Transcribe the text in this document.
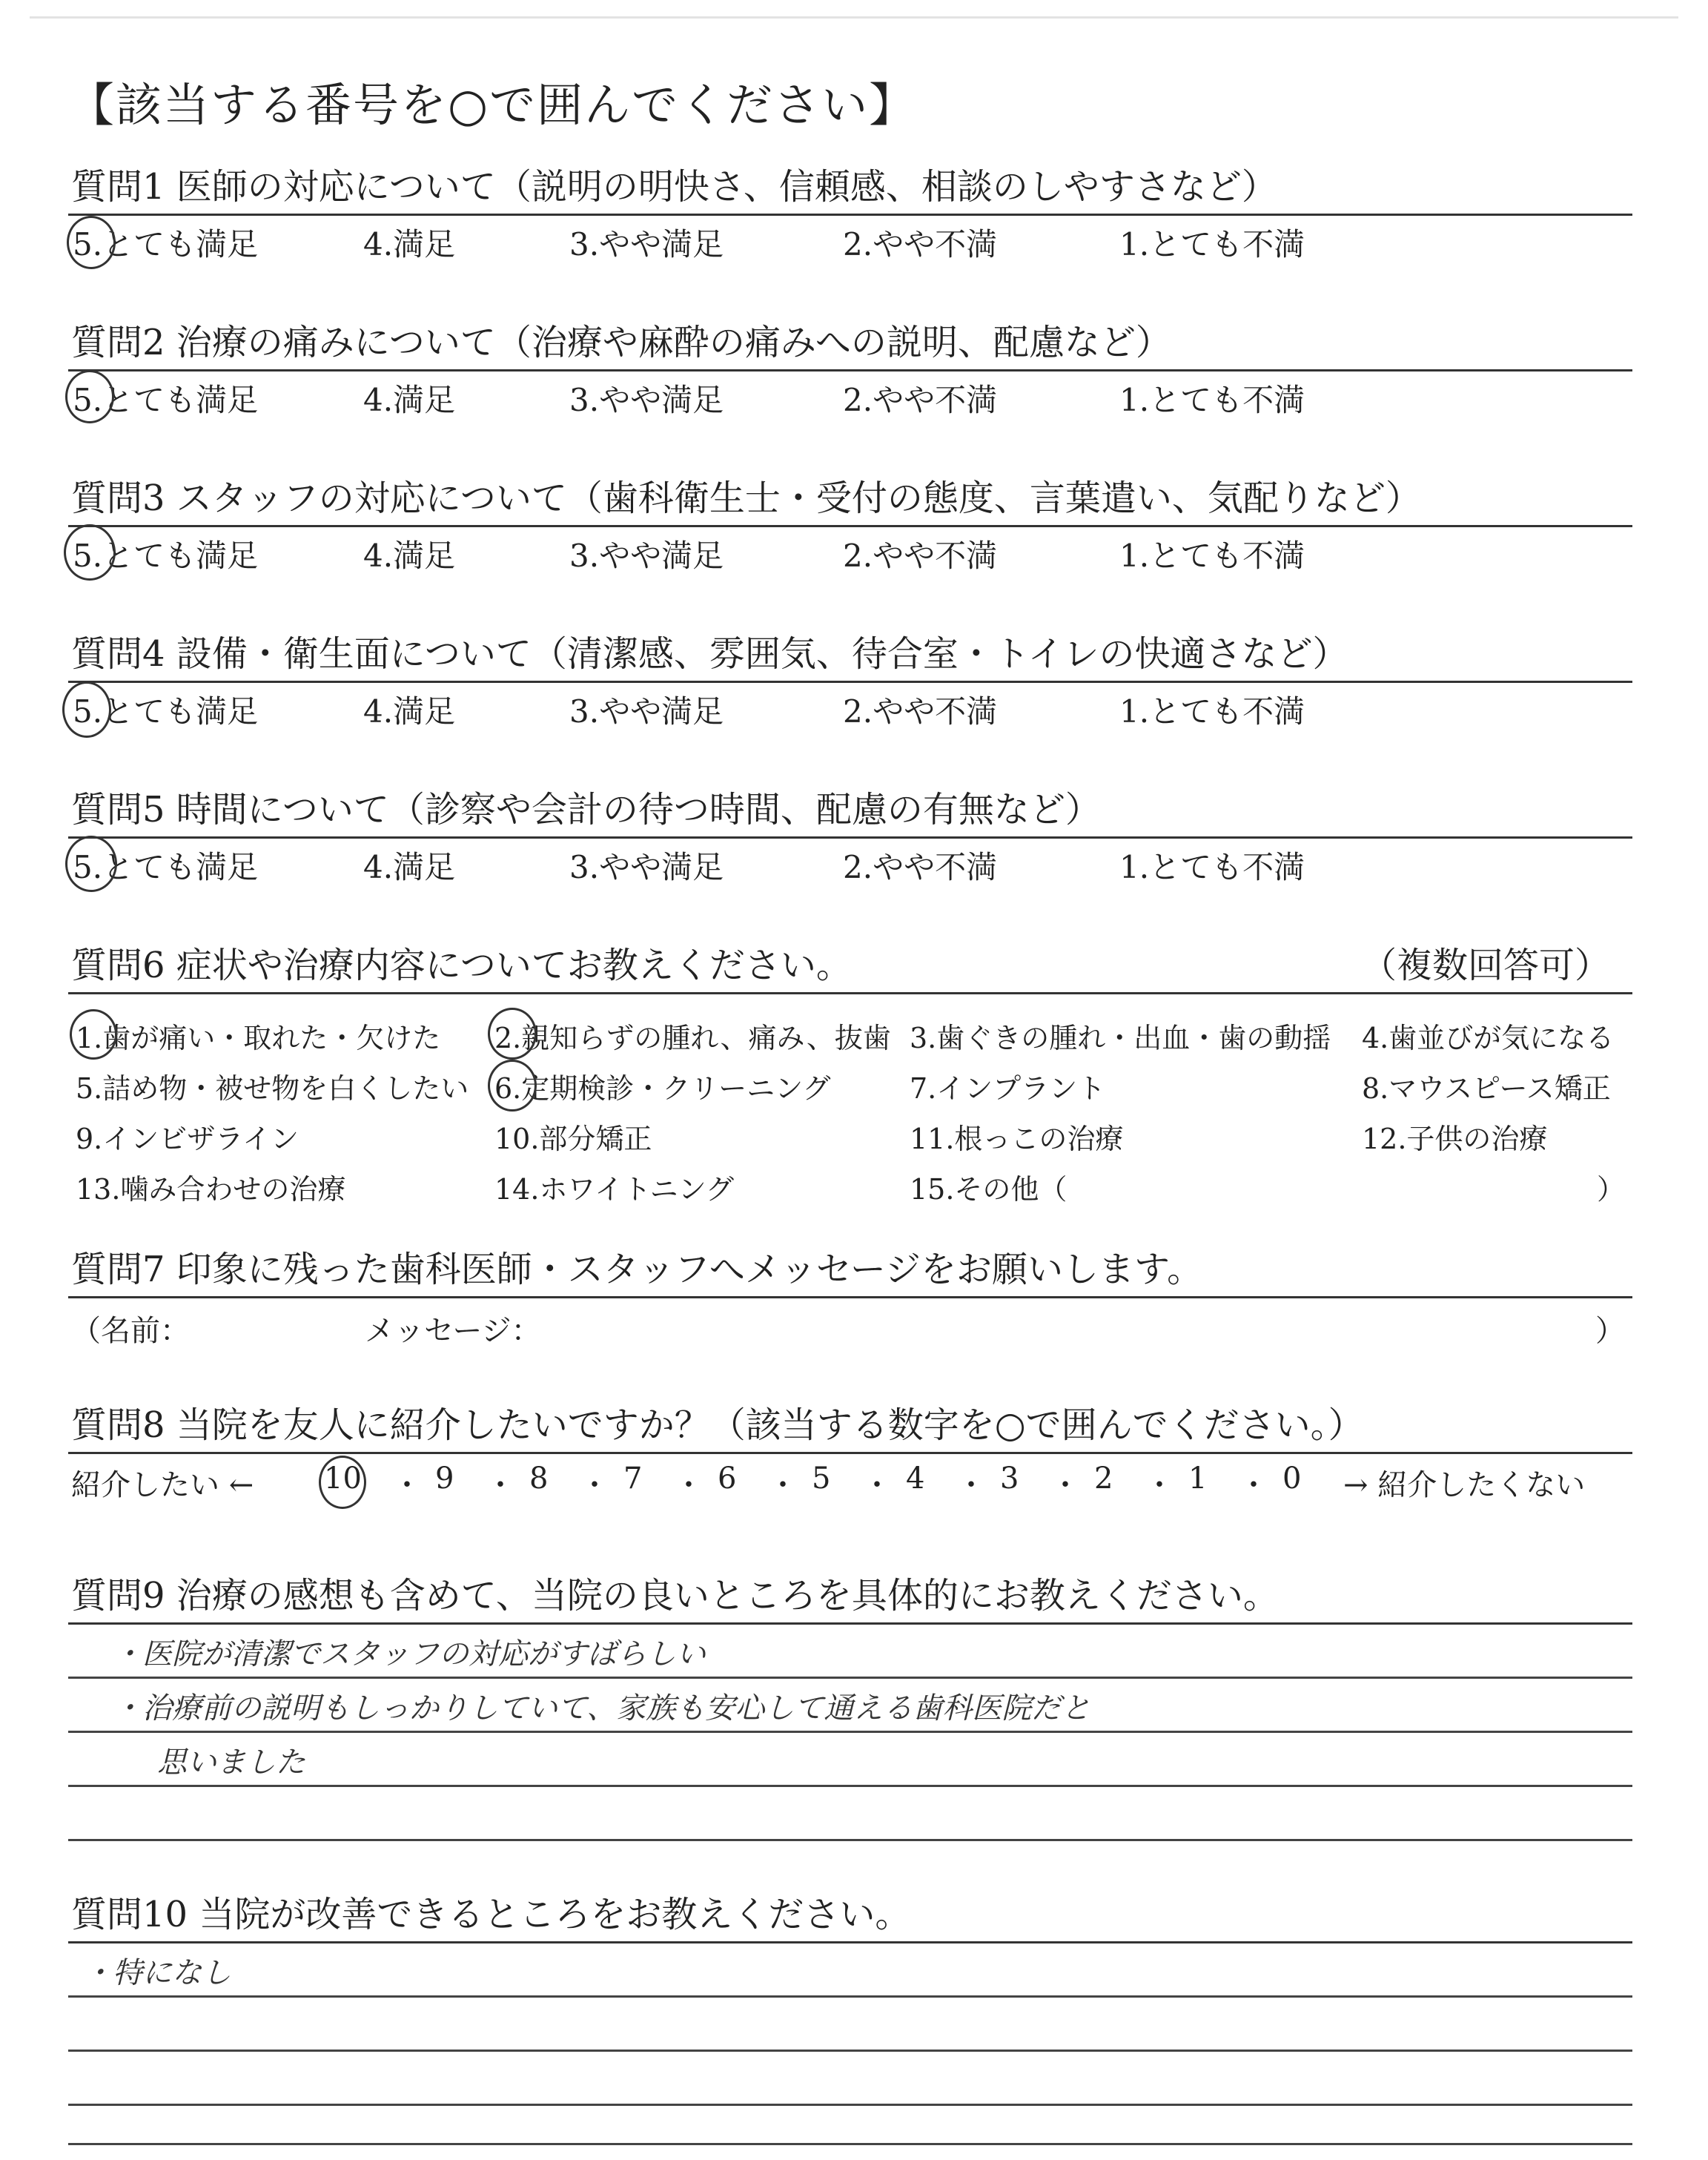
【該当する番号を○で囲んでください】
質問1 医師の対応について（説明の明快さ、信頼感、相談のしやすさなど）
5.とても満足	4.満足	3.やや満足	2.やや不満	1.とても不満
質問2 治療の痛みについて（治療や麻酔の痛みへの説明、配慮など）
5.とても満足	4.満足	3.やや満足	2.やや不満	1.とても不満
質問3 スタッフの対応について（歯科衛生士・受付の態度、言葉遣い、気配りなど）
5.とても満足	4.満足	3.やや満足	2.やや不満	1.とても不満
質問4 設備・衛生面について（清潔感、雰囲気、待合室・トイレの快適さなど）
5.とても満足	4.満足	3.やや満足	2.やや不満	1.とても不満
質問5 時間について（診察や会計の待つ時間、配慮の有無など）
5.とても満足	4.満足	3.やや満足	2.やや不満	1.とても不満
質問6 症状や治療内容についてお教えください。	（複数回答可）
1.歯が痛い・取れた・欠けた 2.親知らずの腫れ、痛み、抜歯 3.歯ぐきの腫れ・出血・歯の動揺 4.歯並びが気になる
5.詰め物・被せ物を白くしたい 6.定期検診・クリーニング	7.インプラント	8.マウスピース矯正
9.インビザライン	10.部分矯正	11.根っこの治療	12.子供の治療
13.噛み合わせの治療	14.ホワイトニング	15.その他（	）
質問7 印象に残った歯科医師・スタッフへメッセージをお願いします。
（名前：	メッセージ：	）
質問8 当院を友人に紹介したいですか？（該当する数字を○で囲んでください。）
紹介したい ← 10 ・ 9 ・ 8 ・ 7 ・ 6 ・ 5 ・ 4 ・ 3 ・ 2 ・ 1 ・ 0 → 紹介したくない
質問9 治療の感想も含めて、当院の良いところを具体的にお教えください。
・医院が清潔でスタッフの対応がすばらしい
・治療前の説明もしっかりしていて、家族も安心して通える歯科医院だと
思いました
質問10 当院が改善できるところをお教えください。
・特になし
